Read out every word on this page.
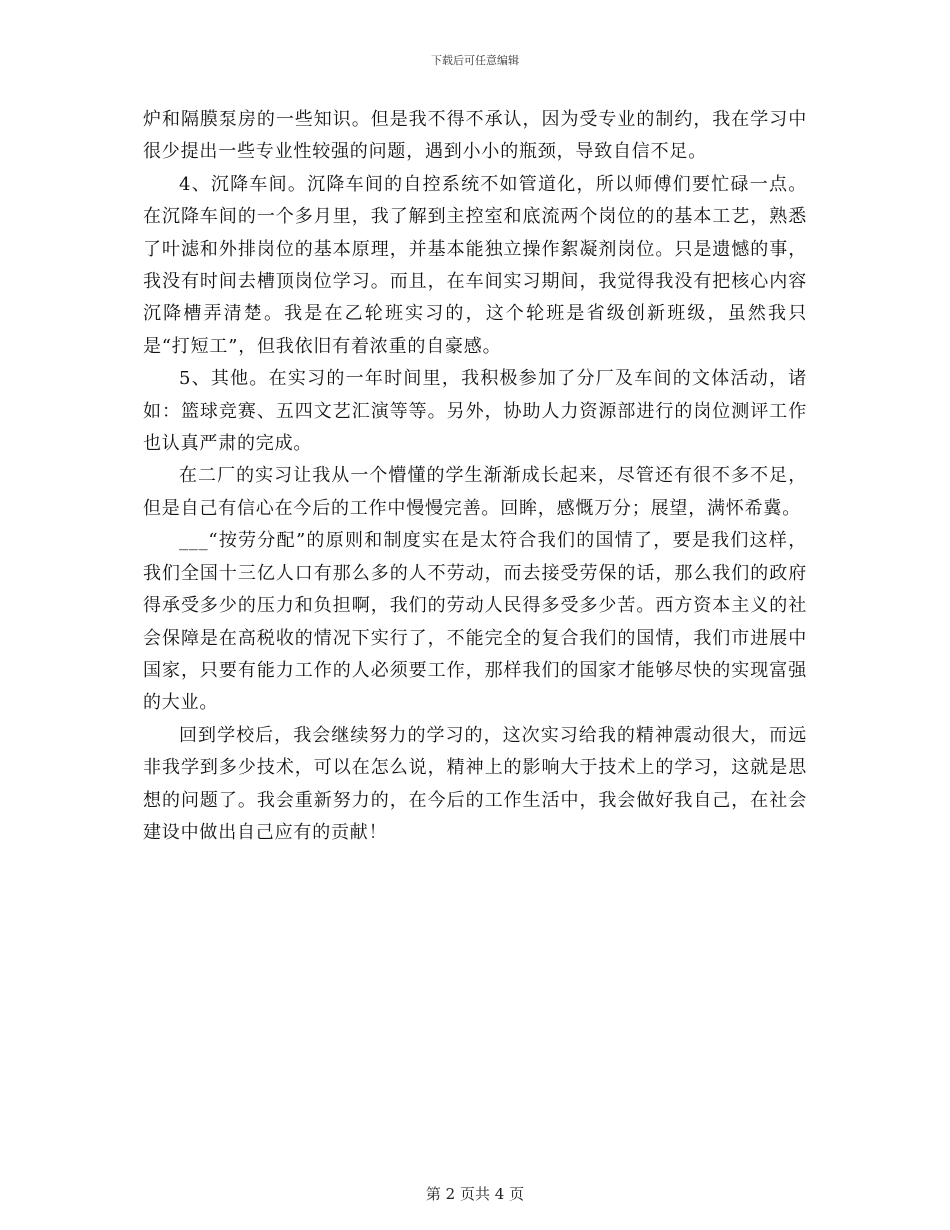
下载后可任意编辑

炉和隔膜泵房的一些知识。但是我不得不承认，因为受专业的制约，我在学习中很少提出一些专业性较强的问题，遇到小小的瓶颈，导致自信不足。

4、沉降车间。沉降车间的自控系统不如管道化，所以师傅们要忙碌一点。在沉降车间的一个多月里，我了解到主控室和底流两个岗位的的基本工艺，熟悉了叶滤和外排岗位的基本原理，并基本能独立操作絮凝剂岗位。只是遗憾的事，我没有时间去槽顶岗位学习。而且，在车间实习期间，我觉得我没有把核心内容沉降槽弄清楚。我是在乙轮班实习的，这个轮班是省级创新班级，虽然我只是“打短工”，但我依旧有着浓重的自豪感。

5、其他。在实习的一年时间里，我积极参加了分厂及车间的文体活动，诸如：篮球竞赛、五四文艺汇演等等。另外，协助人力资源部进行的岗位测评工作也认真严肃的完成。

在二厂的实习让我从一个懵懂的学生渐渐成长起来，尽管还有很不多不足，但是自己有信心在今后的工作中慢慢完善。回眸，感慨万分；展望，满怀希冀。

___“按劳分配”的原则和制度实在是太符合我们的国情了，要是我们这样，我们全国十三亿人口有那么多的人不劳动，而去接受劳保的话，那么我们的政府得承受多少的压力和负担啊，我们的劳动人民得多受多少苦。西方资本主义的社会保障是在高税收的情况下实行了，不能完全的复合我们的国情，我们市进展中国家，只要有能力工作的人必须要工作，那样我们的国家才能够尽快的实现富强的大业。

回到学校后，我会继续努力的学习的，这次实习给我的精神震动很大，而远非我学到多少技术，可以在怎么说，精神上的影响大于技术上的学习，这就是思想的问题了。我会重新努力的，在今后的工作生活中，我会做好我自己，在社会建设中做出自己应有的贡献！

第 2 页共 4 页
